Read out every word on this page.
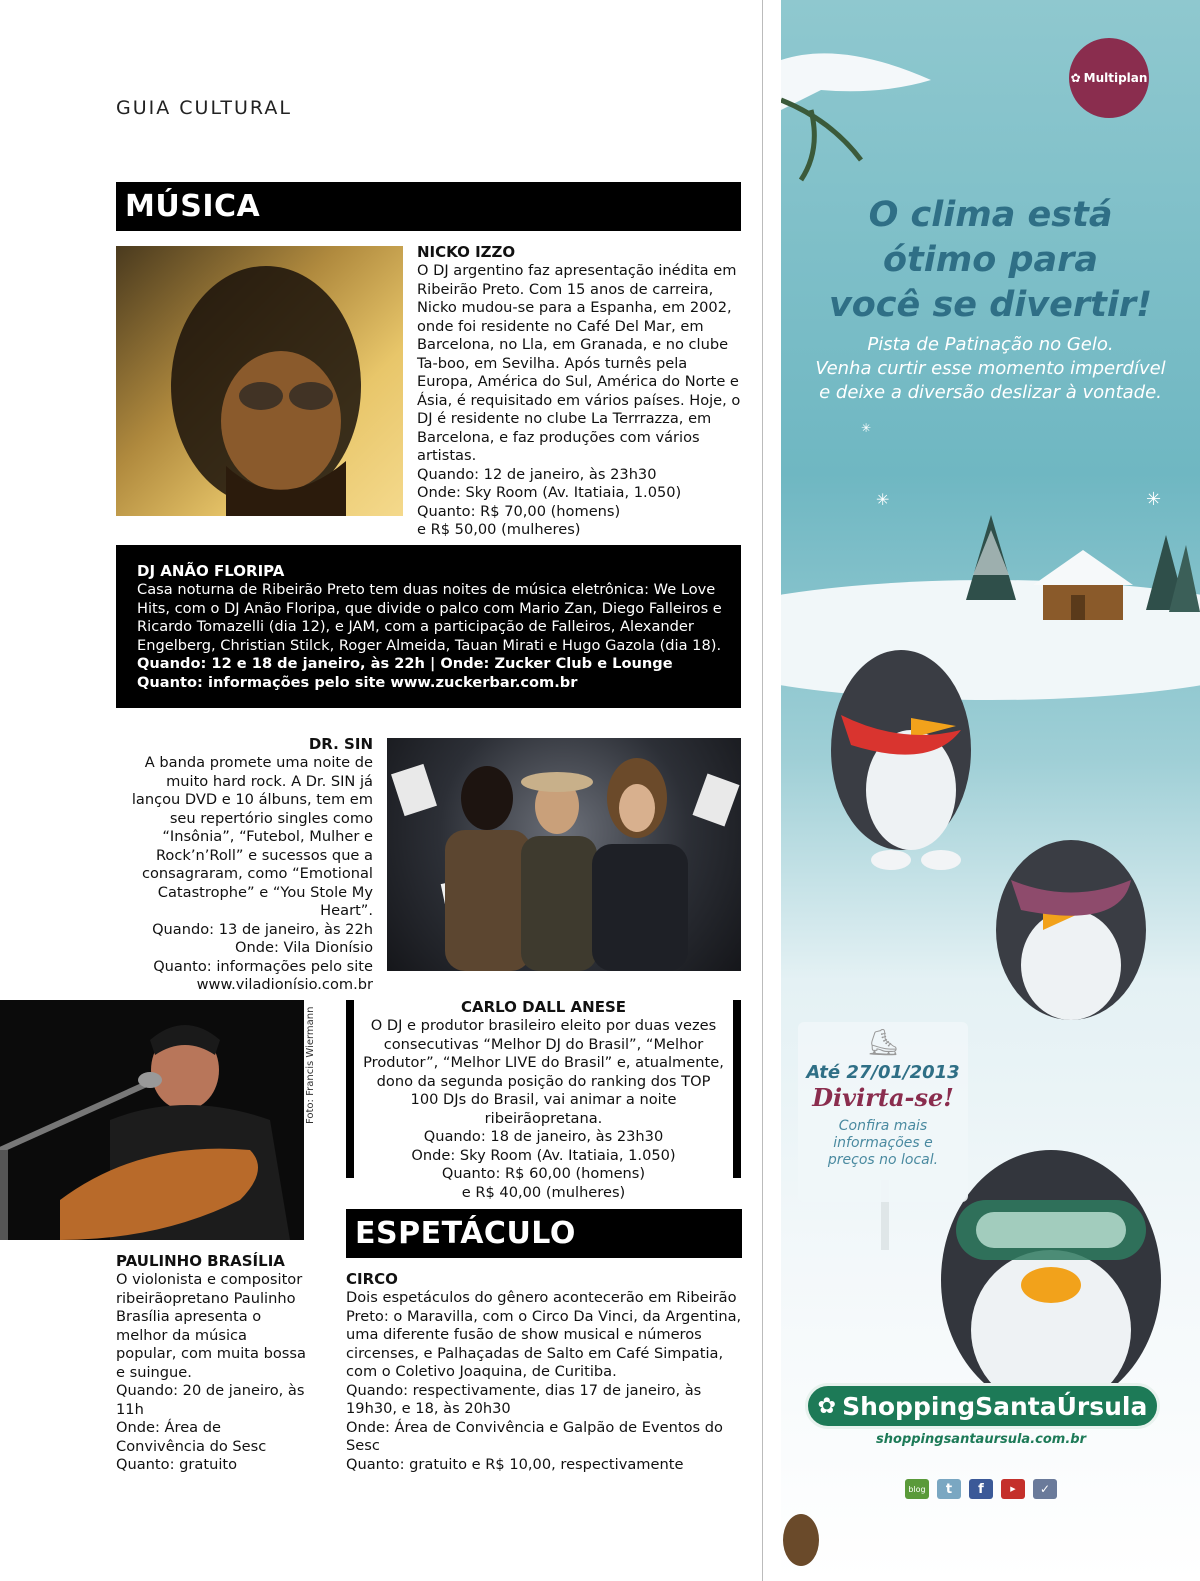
GUIA CULTURAL
MÚSICA

NICKO IZZO

O DJ argentino faz apresentação inédita em Ribeirão Preto. Com 15 anos de carreira, Nicko mudou-se para a Espanha, em 2002, onde foi residente no Café Del Mar, em Barcelona, no Lla, em Granada, e no clube Ta-boo, em Sevilha. Após turnês pela Europa, América do Sul, América do Norte e Ásia, é requisitado em vários países. Hoje, o DJ é residente no clube La Terrrazza, em Barcelona, e faz produções com vários artistas.

Quando: 12 de janeiro, às 23h30

Onde: Sky Room (Av. Itatiaia, 1.050)

Quanto: R$ 70,00 (homens)

e R$ 50,00 (mulheres)

DJ ANÃO FLORIPA

Casa noturna de Ribeirão Preto tem duas noites de música eletrônica: We Love Hits, com o DJ Anão Floripa, que divide o palco com Mario Zan, Diego Falleiros e Ricardo Tomazelli (dia 12), e JAM, com a participação de Falleiros, Alexander Engelberg, Christian Stilck, Roger Almeida, Tauan Mirati e Hugo Gazola (dia 18).

Quando: 12 e 18 de janeiro, às 22h | Onde: Zucker Club e Lounge

Quanto: informações pelo site www.zuckerbar.com.br

DR. SIN

A banda promete uma noite de muito hard rock. A Dr. SIN já lançou DVD e 10 álbuns, tem em seu repertório singles como “Insônia”, “Futebol, Mulher e Rock’n’Roll” e sucessos que a consagraram, como “Emotional Catastrophe” e “You Stole My Heart”.

Quando: 13 de janeiro, às 22h

Onde: Vila Dionísio

Quanto: informações pelo site

www.viladionísio.com.br

Foto: Francis Wiermann

PAULINHO BRASÍLIA

O violonista e compositor ribeirãopretano Paulinho Brasília apresenta o melhor da música popular, com muita bossa e suingue.

Quando: 20 de janeiro, às 11h

Onde: Área de Convivência do Sesc

Quanto: gratuito

CARLO DALL ANESE

O DJ e produtor brasileiro eleito por duas vezes consecutivas “Melhor DJ do Brasil”, “Melhor Produtor”, “Melhor LIVE do Brasil” e, atualmente, dono da segunda posição do ranking dos TOP 100 DJs do Brasil, vai animar a noite ribeirãopretana.

Quando: 18 de janeiro, às 23h30

Onde: Sky Room (Av. Itatiaia, 1.050)

Quanto: R$ 60,00 (homens)

e R$ 40,00 (mulheres)

ESPETÁCULO

CIRCO

Dois espetáculos do gênero acontecerão em Ribeirão Preto: o Maravilla, com o Circo Da Vinci, da Argentina, uma diferente fusão de show musical e números circenses, e Palhaçadas de Salto em Café Simpatia, com o Coletivo Joaquina, de Curitiba.

Quando: respectivamente, dias 17 de janeiro, às 19h30, e 18, às 20h30

Onde: Área de Convivência e Galpão de Eventos do Sesc

Quanto: gratuito e R$ 10,00, respectivamente

✳	✳
✳
✿ Multiplan
O clima está
ótimo para
você se divertir!
Pista de Patinação no Gelo.
Venha curtir esse momento imperdível
e deixe a diversão deslizar à vontade.
⛸
Até 27/01/2013
Divirta-se!
Confira mais
informações e
preços no local.
✿ ShoppingSantaÚrsula
shoppingsantaursula.com.br
blog	t	f	▶	✓
